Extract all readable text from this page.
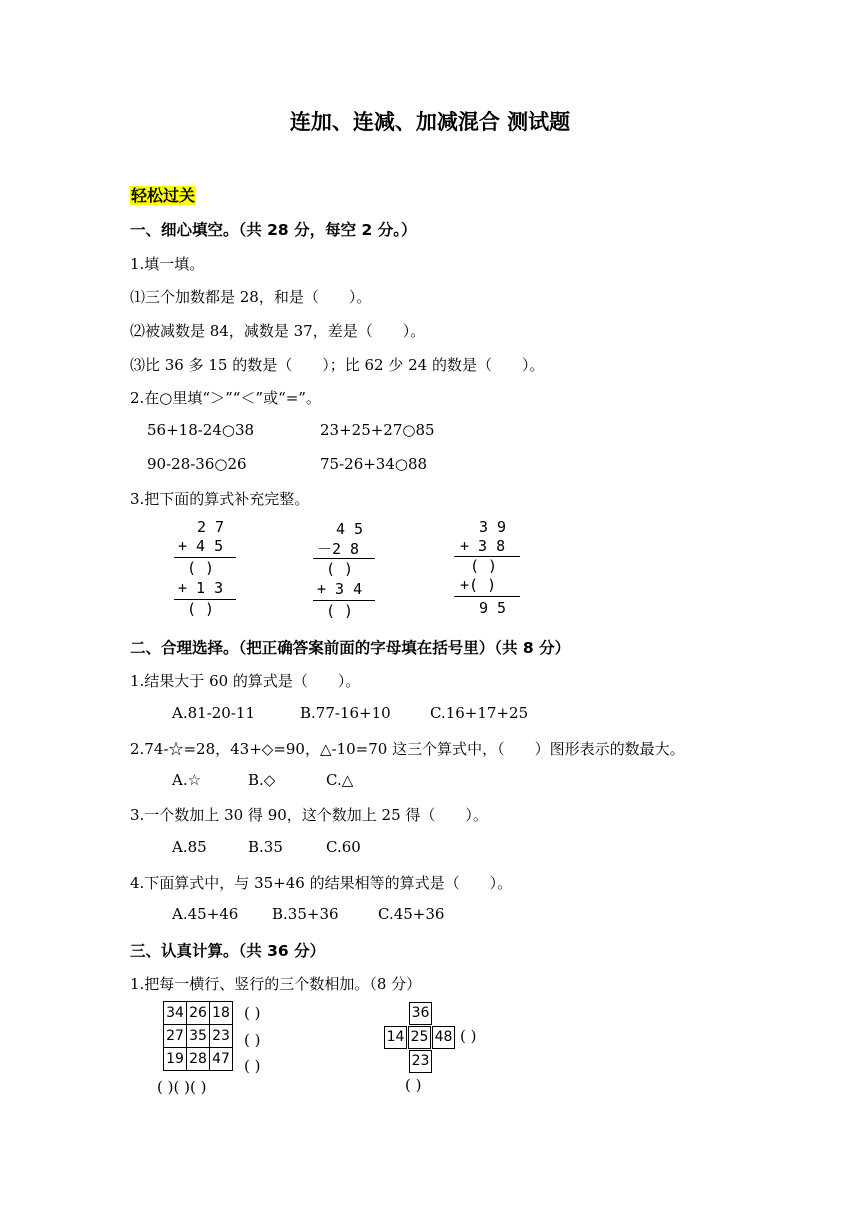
连加、连减、加减混合 测试题
轻松过关
一、细心填空。（共 28 分，每空 2 分。）
1.填一填。
⑴三个加数都是 28，和是（　　）。
⑵被减数是 84，减数是 37，差是（　　）。
⑶比 36 多 15 的数是（　　）；比 62 少 24 的数是（　　）。
2.在○里填“＞”“＜”或“=”。
56+18-24○38	23+25+27○85
90-28-36○26	75-26+34○88
3.把下面的算式补充完整。
2 7
+ 4 5
( )
+ 1 3
( )
4 5
－2 8
( )
+ 3 4
( )
3 9
+ 3 8
( )
+( )
9 5
二、合理选择。（把正确答案前面的字母填在括号里）（共 8 分）
1.结果大于 60 的算式是（　　）。
A.81-20-11	B.77-16+10	C.16+17+25
2.74-☆=28，43+◇=90，△-10=70 这三个算式中，（　　）图形表示的数最大。
A.☆	B.◇	C.△
3.一个数加上 30 得 90，这个数加上 25 得（　　）。
A.85	B.35	C.60
4.下面算式中，与 35+46 的结果相等的算式是（　　）。
A.45+46 B.35+36	C.45+36
三、认真计算。（共 36 分）
1.把每一横行、竖行的三个数相加。（8 分）
34	26	18
27	35	23
19	28	47
( )
( )
( )
( )( )( )
36
14 25 48
23
( )
( )
